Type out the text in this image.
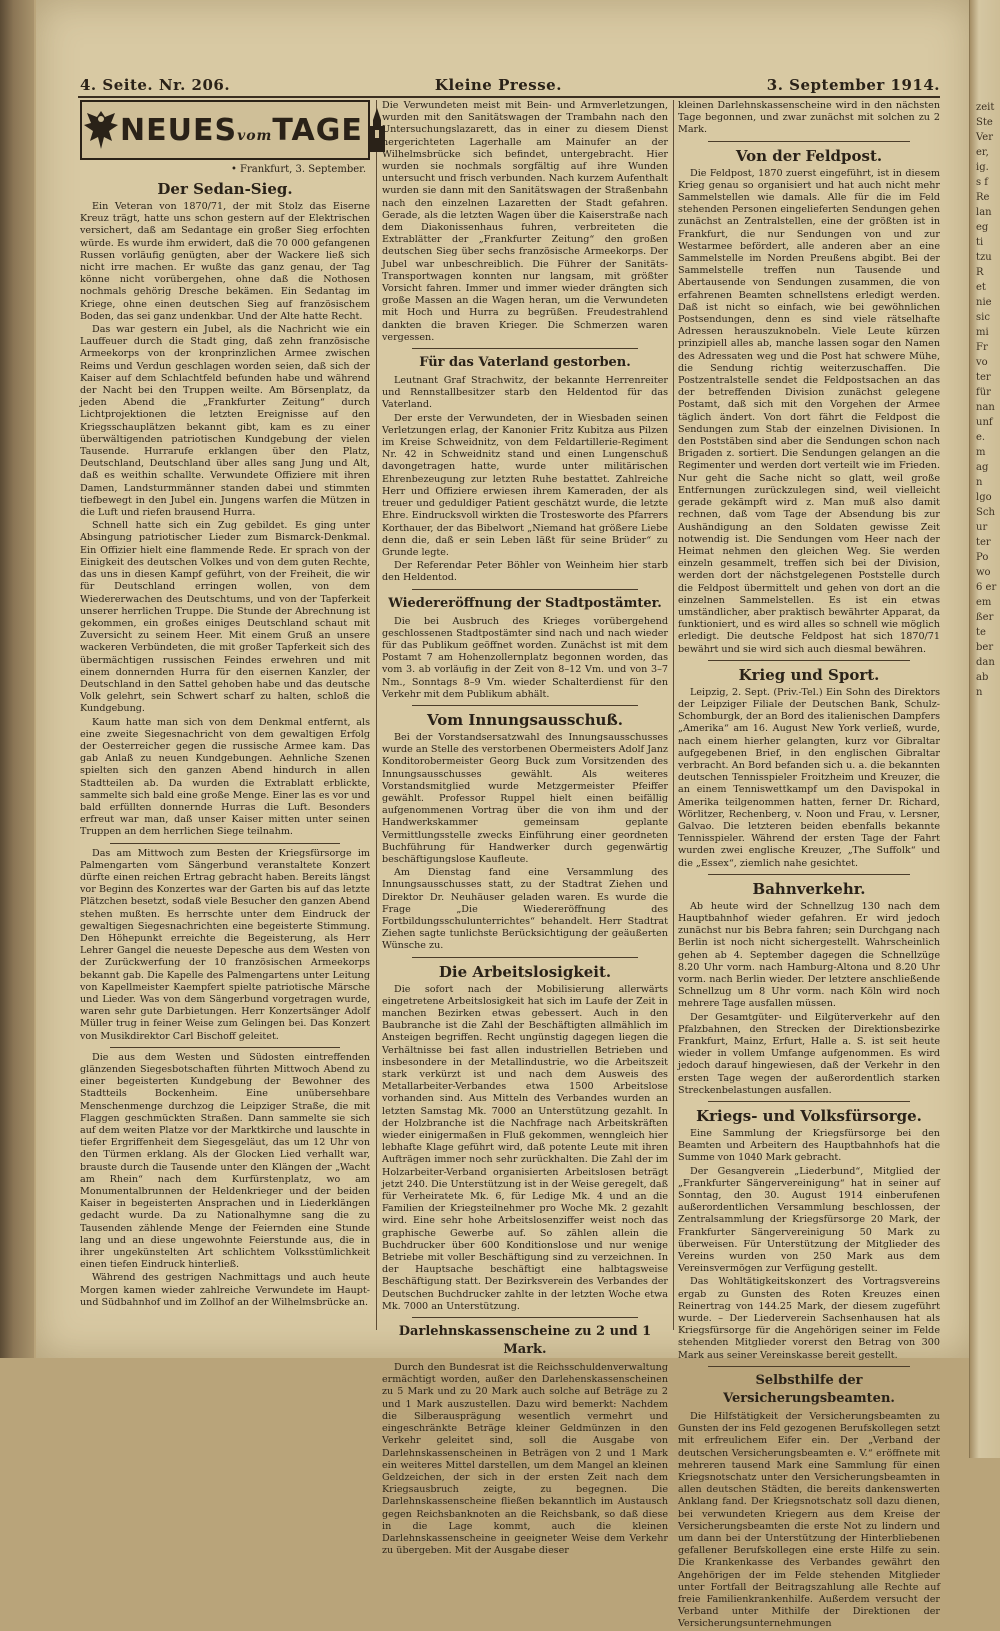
4. Seite. Nr. 206.	Kleine Presse.	3. September 1914.
NEUESvomTAGE
• Frankfurt, 3. September.
Der Sedan-Sieg.

Ein Veteran von 1870/71, der mit Stolz das Eiserne Kreuz trägt, hatte uns schon gestern auf der Elektrischen versichert, daß am Sedantage ein großer Sieg erfochten würde. Es wurde ihm erwidert, daß die 70 000 gefangenen Russen vorläufig genügten, aber der Wackere ließ sich nicht irre machen. Er wußte das ganz genau, der Tag könne nicht vorübergehen, ohne daß die Nothosen nochmals gehörig Dresche bekämen. Ein Sedantag im Kriege, ohne einen deutschen Sieg auf französischem Boden, das sei ganz undenkbar. Und der Alte hatte Recht.

Das war gestern ein Jubel, als die Nachricht wie ein Lauffeuer durch die Stadt ging, daß zehn französische Armeekorps von der kronprinzlichen Armee zwischen Reims und Verdun geschlagen worden seien, daß sich der Kaiser auf dem Schlachtfeld befunden habe und während der Nacht bei den Truppen weilte. Am Börsenplatz, da jeden Abend die „Frankfurter Zeitung“ durch Lichtprojektionen die letzten Ereignisse auf den Kriegsschauplätzen bekannt gibt, kam es zu einer überwältigenden patriotischen Kundgebung der vielen Tausende. Hurrarufe erklangen über den Platz, Deutschland, Deutschland über alles sang Jung und Alt, daß es weithin schallte. Verwundete Offiziere mit ihren Damen, Landsturmmänner standen dabei und stimmten tiefbewegt in den Jubel ein. Jungens warfen die Mützen in die Luft und riefen brausend Hurra.

Schnell hatte sich ein Zug gebildet. Es ging unter Absingung patriotischer Lieder zum Bismarck-Denkmal. Ein Offizier hielt eine flammende Rede. Er sprach von der Einigkeit des deutschen Volkes und von dem guten Rechte, das uns in diesen Kampf geführt, von der Freiheit, die wir für Deutschland erringen wollen, von dem Wiedererwachen des Deutschtums, und von der Tapferkeit unserer herrlichen Truppe. Die Stunde der Abrechnung ist gekommen, ein großes einiges Deutschland schaut mit Zuversicht zu seinem Heer. Mit einem Gruß an unsere wackeren Verbündeten, die mit großer Tapferkeit sich des übermächtigen russischen Feindes erwehren und mit einem donnernden Hurra für den eisernen Kanzler, der Deutschland in den Sattel gehoben habe und das deutsche Volk gelehrt, sein Schwert scharf zu halten, schloß die Kundgebung.

Kaum hatte man sich von dem Denkmal entfernt, als eine zweite Siegesnachricht von dem gewaltigen Erfolg der Oesterreicher gegen die russische Armee kam. Das gab Anlaß zu neuen Kundgebungen. Aehnliche Szenen spielten sich den ganzen Abend hindurch in allen Stadtteilen ab. Da wurden die Extrablatt erblickte, sammelte sich bald eine große Menge. Einer las es vor und bald erfüllten donnernde Hurras die Luft. Besonders erfreut war man, daß unser Kaiser mitten unter seinen Truppen an dem herrlichen Siege teilnahm.

Das am Mittwoch zum Besten der Kriegsfürsorge im Palmengarten vom Sängerbund veranstaltete Konzert dürfte einen reichen Ertrag gebracht haben. Bereits längst vor Beginn des Konzertes war der Garten bis auf das letzte Plätzchen besetzt, sodaß viele Besucher den ganzen Abend stehen mußten. Es herrschte unter dem Eindruck der gewaltigen Siegesnachrichten eine begeisterte Stimmung. Den Höhepunkt erreichte die Begeisterung, als Herr Lehrer Gangel die neueste Depesche aus dem Westen von der Zurückwerfung der 10 französischen Armeekorps bekannt gab. Die Kapelle des Palmengartens unter Leitung von Kapellmeister Kaempfert spielte patriotische Märsche und Lieder. Was von dem Sängerbund vorgetragen wurde, waren sehr gute Darbietungen. Herr Konzertsänger Adolf Müller trug in feiner Weise zum Gelingen bei. Das Konzert von Musikdirektor Carl Bischoff geleitet.

Die aus dem Westen und Südosten eintreffenden glänzenden Siegesbotschaften führten Mittwoch Abend zu einer begeisterten Kundgebung der Bewohner des Stadtteils Bockenheim. Eine unübersehbare Menschenmenge durchzog die Leipziger Straße, die mit Flaggen geschmückten Straßen. Dann sammelte sie sich auf dem weiten Platze vor der Marktkirche und lauschte in tiefer Ergriffenheit dem Siegesgeläut, das um 12 Uhr von den Türmen erklang. Als der Glocken Lied verhallt war, brauste durch die Tausende unter den Klängen der „Wacht am Rhein“ nach dem Kurfürstenplatz, wo am Monumentalbrunnen der Heldenkrieger und der beiden Kaiser in begeisterten Ansprachen und in Liederklängen gedacht wurde. Da zu Nationalhymne sang die zu Tausenden zählende Menge der Feiernden eine Stunde lang und an diese ungewohnte Feierstunde aus, die in ihrer ungekünstelten Art schlichtem Volksstümlichkeit einen tiefen Eindruck hinterließ.

Während des gestrigen Nachmittags und auch heute Morgen kamen wieder zahlreiche Verwundete im Haupt- und Südbahnhof und im Zollhof an der Wilhelmsbrücke an.

Die Verwundeten meist mit Bein- und Armverletzungen, wurden mit den Sanitätswagen der Trambahn nach den Untersuchungslazarett, das in einer zu diesem Dienst hergerichteten Lagerhalle am Mainufer an der Wilhelmsbrücke sich befindet, untergebracht. Hier wurden sie nochmals sorgfältig auf ihre Wunden untersucht und frisch verbunden. Nach kurzem Aufenthalt wurden sie dann mit den Sanitätswagen der Straßenbahn nach den einzelnen Lazaretten der Stadt gefahren. Gerade, als die letzten Wagen über die Kaiserstraße nach dem Diakonissenhaus fuhren, verbreiteten die Extrablätter der „Frankfurter Zeitung“ den großen deutschen Sieg über sechs französische Armeekorps. Der Jubel war unbeschreiblich. Die Führer der Sanitäts-Transportwagen konnten nur langsam, mit größter Vorsicht fahren. Immer und immer wieder drängten sich große Massen an die Wagen heran, um die Verwundeten mit Hoch und Hurra zu begrüßen. Freudestrahlend dankten die braven Krieger. Die Schmerzen waren vergessen.

Für das Vaterland gestorben.

Leutnant Graf Strachwitz, der bekannte Herrenreiter und Rennstallbesitzer starb den Heldentod für das Vaterland.

Der erste der Verwundeten, der in Wiesbaden seinen Verletzungen erlag, der Kanonier Fritz Kubitza aus Pilzen im Kreise Schweidnitz, von dem Feldartillerie-Regiment Nr. 42 in Schweidnitz stand und einen Lungenschuß davongetragen hatte, wurde unter militärischen Ehrenbezeugung zur letzten Ruhe bestattet. Zahlreiche Herr und Offiziere erwiesen ihrem Kameraden, der als treuer und geduldiger Patient geschätzt wurde, die letzte Ehre. Eindrucksvoll wirkten die Trostesworte des Pfarrers Korthauer, der das Bibelwort „Niemand hat größere Liebe denn die, daß er sein Leben läßt für seine Brüder“ zu Grunde legte.

Der Referendar Peter Böhler von Weinheim hier starb den Heldentod.

Wiedereröffnung der Stadtpostämter.

Die bei Ausbruch des Krieges vorübergehend geschlossenen Stadtpostämter sind nach und nach wieder für das Publikum geöffnet worden. Zunächst ist mit dem Postamt 7 am Hohenzollernplatz begonnen worden, das vom 3. ab vorläufig in der Zeit von 8–12 Vm. und von 3–7 Nm., Sonntags 8–9 Vm. wieder Schalterdienst für den Verkehr mit dem Publikum abhält.

Vom Innungsausschuß.

Bei der Vorstandsersatzwahl des Innungsausschusses wurde an Stelle des verstorbenen Obermeisters Adolf Janz Konditorobermeister Georg Buck zum Vorsitzenden des Innungsausschusses gewählt. Als weiteres Vorstandsmitglied wurde Metzgermeister Pfeiffer gewählt. Professor Ruppel hielt einen beifällig aufgenommenen Vortrag über die von ihm und der Handwerkskammer gemeinsam geplante Vermittlungsstelle zwecks Einführung einer geordneten Buchführung für Handwerker durch gegenwärtig beschäftigungslose Kaufleute.

Am Dienstag fand eine Versammlung des Innungsausschusses statt, zu der Stadtrat Ziehen und Direktor Dr. Neuhäuser geladen waren. Es wurde die Frage „Die Wiedereröffnung des Fortbildungsschulunterrichtes“ behandelt. Herr Stadtrat Ziehen sagte tunlichste Berücksichtigung der geäußerten Wünsche zu.

Die Arbeitslosigkeit.

Die sofort nach der Mobilisierung allerwärts eingetretene Arbeitslosigkeit hat sich im Laufe der Zeit in manchen Bezirken etwas gebessert. Auch in den Baubranche ist die Zahl der Beschäftigten allmählich im Ansteigen begriffen. Recht ungünstig dagegen liegen die Verhältnisse bei fast allen industriellen Betrieben und insbesondere in der Metallindustrie, wo die Arbeitszeit stark verkürzt ist und nach dem Ausweis des Metallarbeiter-Verbandes etwa 1500 Arbeitslose vorhanden sind. Aus Mitteln des Verbandes wurden an letzten Samstag Mk. 7000 an Unterstützung gezahlt. In der Holzbranche ist die Nachfrage nach Arbeitskräften wieder einigermaßen in Fluß gekommen, wenngleich hier lebhafte Klage geführt wird, daß potente Leute mit ihren Aufträgen immer noch sehr zurückhalten. Die Zahl der im Holzarbeiter-Verband organisierten Arbeitslosen beträgt jetzt 240. Die Unterstützung ist in der Weise geregelt, daß für Verheiratete Mk. 6, für Ledige Mk. 4 und an die Familien der Kriegsteilnehmer pro Woche Mk. 2 gezahlt wird. Eine sehr hohe Arbeitslosenziffer weist noch das graphische Gewerbe auf. So zählen allein die Buchdrucker über 600 Konditionslose und nur wenige Betriebe mit voller Beschäftigung sind zu verzeichnen. In der Hauptsache beschäftigt eine halbtagsweise Beschäftigung statt. Der Bezirksverein des Verbandes der Deutschen Buchdrucker zahlte in der letzten Woche etwa Mk. 7000 an Unterstützung.

Darlehnskassenscheine zu 2 und 1 Mark.

Durch den Bundesrat ist die Reichsschuldenverwaltung ermächtigt worden, außer den Darlehenskassenscheinen zu 5 Mark und zu 20 Mark auch solche auf Beträge zu 2 und 1 Mark auszustellen. Dazu wird bemerkt: Nachdem die Silberausprägung wesentlich vermehrt und eingeschränkte Beträge kleiner Geldmünzen in den Verkehr geleitet sind, soll die Ausgabe von Darlehnskassenscheinen in Beträgen von 2 und 1 Mark ein weiteres Mittel darstellen, um dem Mangel an kleinen Geldzeichen, der sich in der ersten Zeit nach dem Kriegsausbruch zeigte, zu begegnen. Die Darlehnskassenscheine fließen bekanntlich im Austausch gegen Reichsbanknoten an die Reichsbank, so daß diese in die Lage kommt, auch die kleinen Darlehnskassenscheine in geeigneter Weise dem Verkehr zu übergeben. Mit der Ausgabe dieser

kleinen Darlehnskassenscheine wird in den nächsten Tage begonnen, und zwar zunächst mit solchen zu 2 Mark.

Von der Feldpost.

Die Feldpost, 1870 zuerst eingeführt, ist in diesem Krieg genau so organisiert und hat auch nicht mehr Sammelstellen wie damals. Alle für die im Feld stehenden Personen eingelieferten Sendungen gehen zunächst an Zentralstellen, eine der größten ist in Frankfurt, die nur Sendungen von und zur Westarmee befördert, alle anderen aber an eine Sammelstelle im Norden Preußens abgibt. Bei der Sammelstelle treffen nun Tausende und Abertausende von Sendungen zusammen, die von erfahrenen Beamten schnellstens erledigt werden. Daß ist nicht so einfach, wie bei gewöhnlichen Postsendungen, denn es sind viele rätselhafte Adressen herauszuknobeln. Viele Leute kürzen prinzipiell alles ab, manche lassen sogar den Namen des Adressaten weg und die Post hat schwere Mühe, die Sendung richtig weiterzuschaffen. Die Postzentralstelle sendet die Feldpostsachen an das der betreffenden Division zunächst gelegene Postamt, daß sich mit den Vorgehen der Armee täglich ändert. Von dort fährt die Feldpost die Sendungen zum Stab der einzelnen Divisionen. In den Poststäben sind aber die Sendungen schon nach Brigaden z. sortiert. Die Sendungen gelangen an die Regimenter und werden dort verteilt wie im Frieden. Nur geht die Sache nicht so glatt, weil große Entfernungen zurückzulegen sind, weil vielleicht gerade gekämpft wird z. Man muß also damit rechnen, daß vom Tage der Absendung bis zur Aushändigung an den Soldaten gewisse Zeit notwendig ist. Die Sendungen vom Heer nach der Heimat nehmen den gleichen Weg. Sie werden einzeln gesammelt, treffen sich bei der Division, werden dort der nächstgelegenen Poststelle durch die Feldpost übermittelt und gehen von dort an die einzelnen Sammelstellen. Es ist ein etwas umständlicher, aber praktisch bewährter Apparat, da funktioniert, und es wird alles so schnell wie möglich erledigt. Die deutsche Feldpost hat sich 1870/71 bewährt und sie wird sich auch diesmal bewähren.

Krieg und Sport.

Leipzig, 2. Sept. (Priv.-Tel.) Ein Sohn des Direktors der Leipziger Filiale der Deutschen Bank, Schulz-Schomburgk, der an Bord des italienischen Dampfers „Amerika“ am 16. August New York verließ, wurde, nach einem hierher gelangten, kurz vor Gibraltar aufgegebenen Brief, in den englischen Gibraltar verbracht. An Bord befanden sich u. a. die bekannten deutschen Tennisspieler Froitzheim und Kreuzer, die an einem Tenniswettkampf um den Davispokal in Amerika teilgenommen hatten, ferner Dr. Richard, Wörlitzer, Rechenberg, v. Noon und Frau, v. Lersner, Galvao. Die letzteren beiden ebenfalls bekannte Tennisspieler. Während der ersten Tage der Fahrt wurden zwei englische Kreuzer, „The Suffolk“ und die „Essex“, ziemlich nahe gesichtet.

Bahnverkehr.

Ab heute wird der Schnellzug 130 nach dem Hauptbahnhof wieder gefahren. Er wird jedoch zunächst nur bis Bebra fahren; sein Durchgang nach Berlin ist noch nicht sichergestellt. Wahrscheinlich gehen ab 4. September dagegen die Schnellzüge 8.20 Uhr vorm. nach Hamburg-Altona und 8.20 Uhr vorm. nach Berlin wieder. Der letztere anschließende Schnellzug um 8 Uhr vorm. nach Köln wird noch mehrere Tage ausfallen müssen.

Der Gesamtgüter- und Eilgüterverkehr auf den Pfalzbahnen, den Strecken der Direktionsbezirke Frankfurt, Mainz, Erfurt, Halle a. S. ist seit heute wieder in vollem Umfange aufgenommen. Es wird jedoch darauf hingewiesen, daß der Verkehr in den ersten Tage wegen der außerordentlich starken Streckenbelastungen ausfallen.

Kriegs- und Volksfürsorge.

Eine Sammlung der Kriegsfürsorge bei den Beamten und Arbeitern des Hauptbahnhofs hat die Summe von 1040 Mark gebracht.

Der Gesangverein „Liederbund“, Mitglied der „Frankfurter Sängervereinigung“ hat in seiner auf Sonntag, den 30. August 1914 einberufenen außerordentlichen Versammlung beschlossen, der Zentralsammlung der Kriegsfürsorge 20 Mark, der Frankfurter Sängervereinigung 50 Mark zu überweisen. Für Unterstützung der Mitglieder des Vereins wurden von 250 Mark aus dem Vereinsvermögen zur Verfügung gestellt.

Das Wohltätigkeitskonzert des Vortragsvereins ergab zu Gunsten des Roten Kreuzes einen Reinertrag von 144.25 Mark, der diesem zugeführt wurde. – Der Liederverein Sachsenhausen hat als Kriegsfürsorge für die Angehörigen seiner im Felde stehenden Mitglieder vorerst den Betrag von 300 Mark aus seiner Vereinskasse bereit gestellt.

Selbsthilfe der Versicherungsbeamten.

Die Hilfstätigkeit der Versicherungsbeamten zu Gunsten der ins Feld gezogenen Berufskollegen setzt mit erfreulichem Eifer ein. Der „Verband der deutschen Versicherungsbeamten e. V.“ eröffnete mit mehreren tausend Mark eine Sammlung für einen Kriegsnotschatz unter den Versicherungsbeamten in allen deutschen Städten, die bereits dankenswerten Anklang fand. Der Kriegsnotschatz soll dazu dienen, bei verwundeten Kriegern aus dem Kreise der Versicherungsbeamten die erste Not zu lindern und um dann bei der Unterstützung der Hinterbliebenen gefallener Berufskollegen eine erste Hilfe zu sein. Die Krankenkasse des Verbandes gewährt den Angehörigen der im Felde stehenden Mitglieder unter Fortfall der Beitragszahlung alle Rechte auf freie Familienkrankenhilfe. Außerdem versucht der Verband unter Mithilfe der Direktionen der Versicherungsunternehmungen

zeit
Ste
Ver
er,
ig.
s f
Re
lan
eg
ti
tzu
R
et
nie
sic
mi
Fr
vo
ter
für
nan
unf
e.
m
ag
n
lgo
Sch
ur
ter
Po
wo
6 er
em
ßer
te
ber
dan
ab
n
